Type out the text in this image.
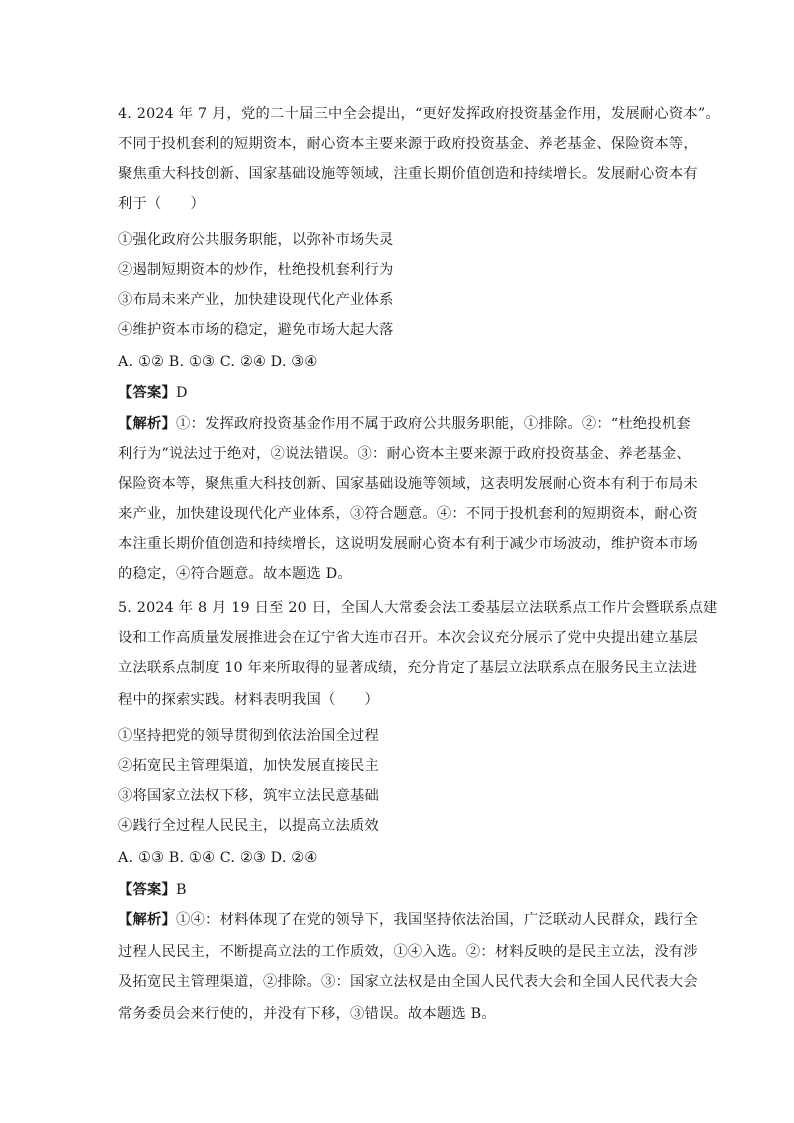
4. 2024 年 7 月，党的二十届三中全会提出，“更好发挥政府投资基金作用，发展耐心资本”。
不同于投机套利的短期资本，耐心资本主要来源于政府投资基金、养老基金、保险资本等，
聚焦重大科技创新、国家基础设施等领域，注重长期价值创造和持续增长。发展耐心资本有
利于（　　）
①强化政府公共服务职能，以弥补市场失灵
②遏制短期资本的炒作，杜绝投机套利行为
③布局未来产业，加快建设现代化产业体系
④维护资本市场的稳定，避免市场大起大落
A. ①② B. ①③ C. ②④ D. ③④
【答案】D
【解析】①：发挥政府投资基金作用不属于政府公共服务职能，①排除。②：“杜绝投机套
利行为”说法过于绝对，②说法错误。③：耐心资本主要来源于政府投资基金、养老基金、
保险资本等，聚焦重大科技创新、国家基础设施等领域，这表明发展耐心资本有利于布局未
来产业，加快建设现代化产业体系，③符合题意。④：不同于投机套利的短期资本，耐心资
本注重长期价值创造和持续增长，这说明发展耐心资本有利于减少市场波动，维护资本市场
的稳定，④符合题意。故本题选 D。
5. 2024 年 8 月 19 日至 20 日，全国人大常委会法工委基层立法联系点工作片会暨联系点建
设和工作高质量发展推进会在辽宁省大连市召开。本次会议充分展示了党中央提出建立基层
立法联系点制度 10 年来所取得的显著成绩，充分肯定了基层立法联系点在服务民主立法进
程中的探索实践。材料表明我国（　　）
①坚持把党的领导贯彻到依法治国全过程
②拓宽民主管理渠道，加快发展直接民主
③将国家立法权下移，筑牢立法民意基础
④践行全过程人民民主，以提高立法质效
A. ①③ B. ①④ C. ②③ D. ②④
【答案】B
【解析】①④：材料体现了在党的领导下，我国坚持依法治国，广泛联动人民群众，践行全
过程人民民主，不断提高立法的工作质效，①④入选。②：材料反映的是民主立法，没有涉
及拓宽民主管理渠道，②排除。③：国家立法权是由全国人民代表大会和全国人民代表大会
常务委员会来行使的，并没有下移，③错误。故本题选 B。
